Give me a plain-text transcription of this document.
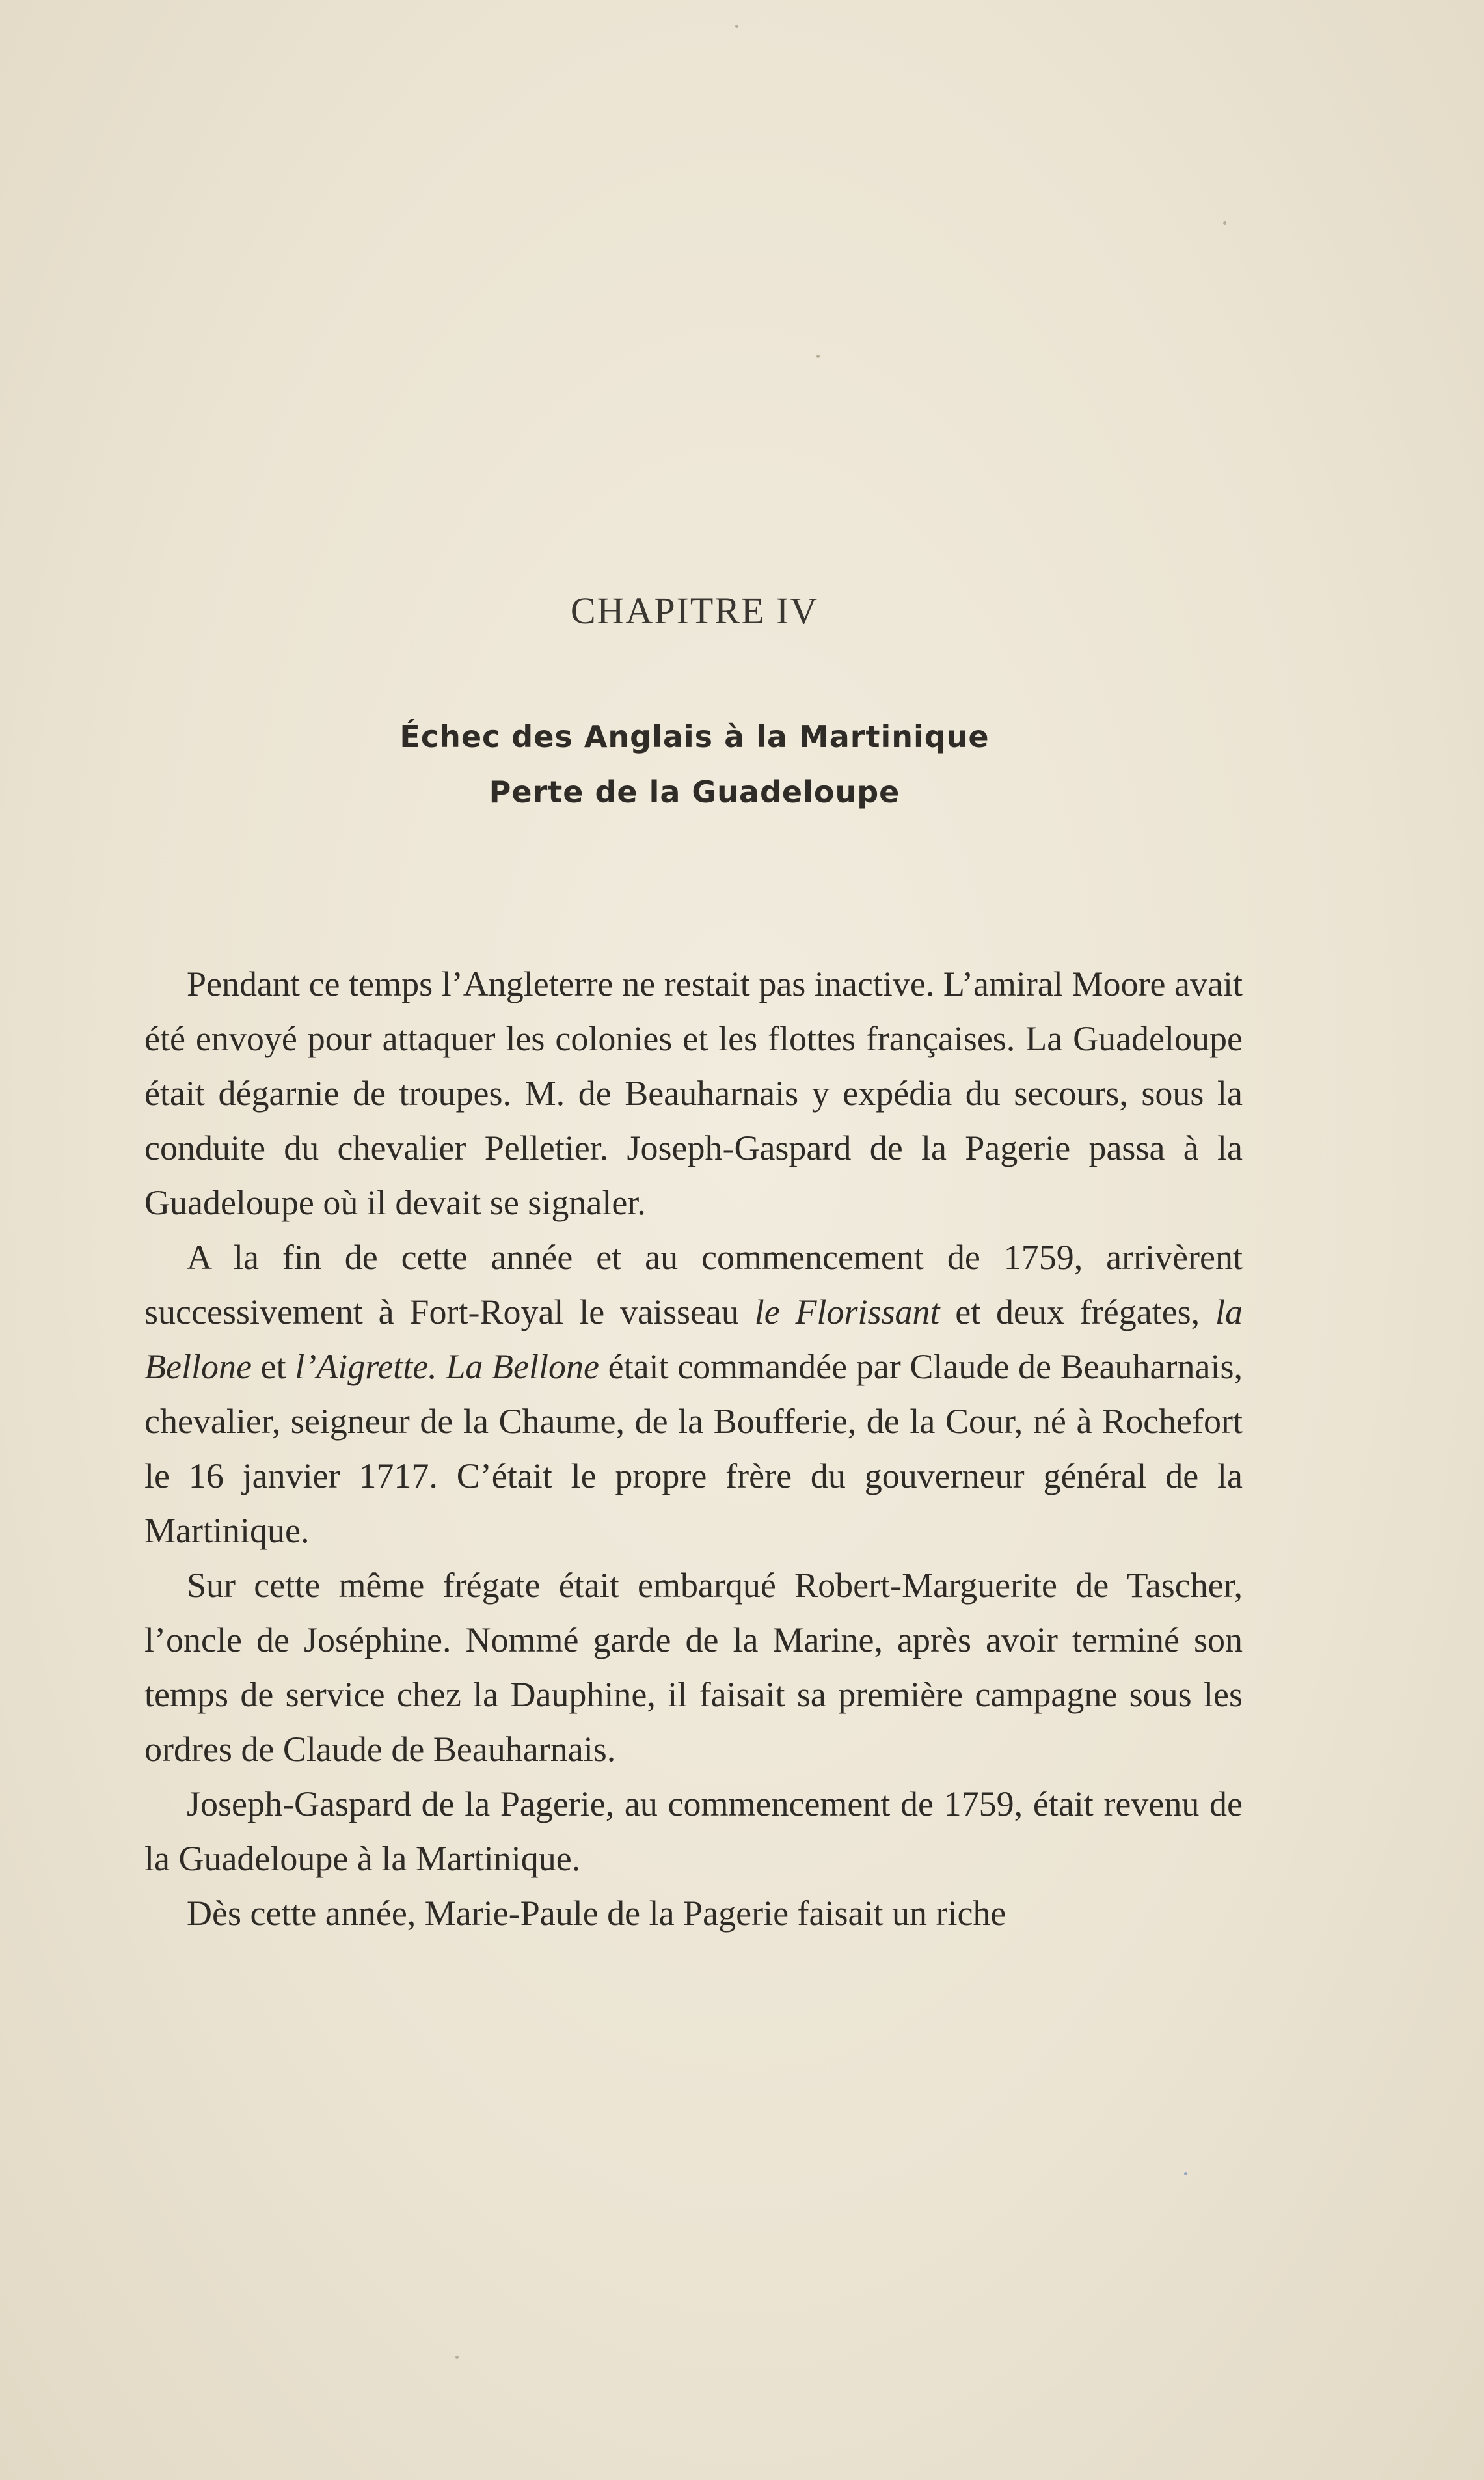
CHAPITRE IV
Échec des Anglais à la Martinique
Perte de la Guadeloupe

Pendant ce temps l’Angleterre ne restait pas inactive. L’amiral Moore avait été envoyé pour attaquer les colonies et les flottes françaises. La Guadeloupe était dégarnie de troupes. M. de Beauharnais y expédia du secours, sous la conduite du chevalier Pelletier. Joseph-Gaspard de la Pagerie passa à la Guadeloupe où il devait se signaler.

A la fin de cette année et au commencement de 1759, arrivèrent successivement à Fort-Royal le vaisseau le Florissant et deux frégates, la Bellone et l’Aigrette. La Bellone était commandée par Claude de Beauharnais, chevalier, seigneur de la Chaume, de la Boufferie, de la Cour, né à Rochefort le 16 janvier 1717. C’était le propre frère du gouverneur général de la Martinique.

Sur cette même frégate était embarqué Robert-Marguerite de Tascher, l’oncle de Joséphine. Nommé garde de la Marine, après avoir terminé son temps de service chez la Dauphine, il faisait sa première campagne sous les ordres de Claude de Beauharnais.

Joseph-Gaspard de la Pagerie, au commencement de 1759, était revenu de la Guadeloupe à la Martinique.

Dès cette année, Marie-Paule de la Pagerie faisait un riche
